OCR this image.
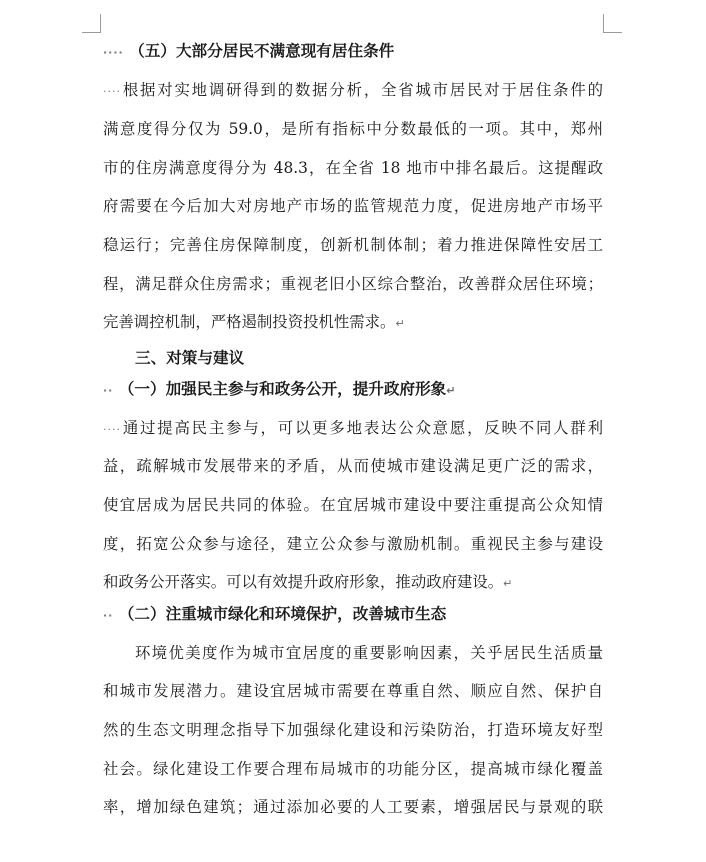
···· （五）大部分居民不满意现有居住条件
····根据对实地调研得到的数据分析，全省城市居民对于居住条件的
满意度得分仅为 59.0，是所有指标中分数最低的一项。其中，郑州
市的住房满意度得分为 48.3，在全省 18 地市中排名最后。这提醒政
府需要在今后加大对房地产市场的监管规范力度，促进房地产市场平
稳运行；完善住房保障制度，创新机制体制；着力推进保障性安居工
程，满足群众住房需求；重视老旧小区综合整治，改善群众居住环境；
完善调控机制，严格遏制投资投机性需求。↵
三、对策与建议
·· （一）加强民主参与和政务公开，提升政府形象↵
····通过提高民主参与，可以更多地表达公众意愿，反映不同人群利
益，疏解城市发展带来的矛盾，从而使城市建设满足更广泛的需求，
使宜居成为居民共同的体验。在宜居城市建设中要注重提高公众知情
度，拓宽公众参与途径，建立公众参与激励机制。重视民主参与建设
和政务公开落实。可以有效提升政府形象，推动政府建设。↵
·· （二）注重城市绿化和环境保护，改善城市生态
环境优美度作为城市宜居度的重要影响因素，关乎居民生活质量
和城市发展潜力。建设宜居城市需要在尊重自然、顺应自然、保护自
然的生态文明理念指导下加强绿化建设和污染防治，打造环境友好型
社会。绿化建设工作要合理布局城市的功能分区，提高城市绿化覆盖
率，增加绿色建筑；通过添加必要的人工要素，增强居民与景观的联
